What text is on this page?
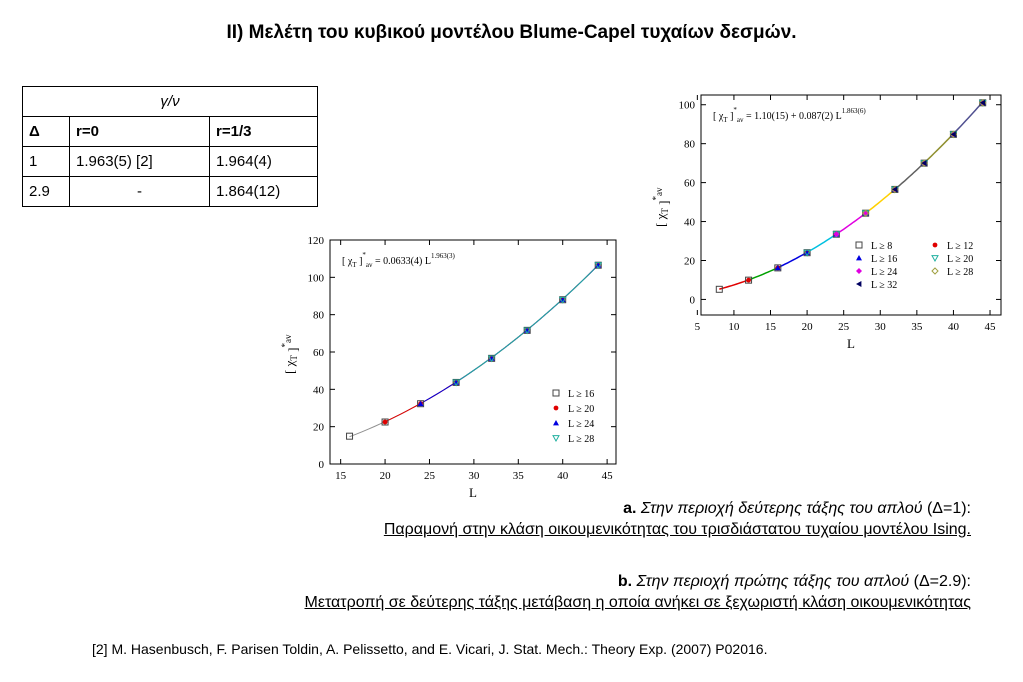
II) Μελέτη του κυβικού μοντέλου Blume-Capel τυχαίων δεσμών.
γ/ν		
Δ	r=0	r=1/3
1	1.963(5) [2]	1.964(4)
2.9	-	1.864(12)
15	20	25	30	35	40	45
0
20
40
60
80
100
120
L
[ $\chi_T$ ]$^*_{av}$
[ $\chi_T$ ]$^*_{av} = 0.0633(4)$ $L^{1.963(3)}$
L ≥ 16
L ≥ 20
L ≥ 24
L ≥ 28
5	10 15 20 25 30 35 40 45
0
20
40
60
80
100
L
[ $\chi_T$ ]$^*_{av}$
[ $\chi_T$ ]$^*_{av} = 1.10(15) + 0.087(2)$ $L^{1.863(6)}$
L ≥ 8	L ≥ 12
L ≥ 16	L ≥ 20
L ≥ 24	L ≥ 28
L ≥ 32
a. Στην περιοχή δεύτερης τάξης του απλού (Δ=1):
Παραμονή στην κλάση οικουμενικότητας του τρισδιάστατου τυχαίου μοντέλου Ising.
b. Στην περιοχή πρώτης τάξης του απλού (Δ=2.9):
Μετατροπή σε δεύτερης τάξης μετάβαση η οποία ανήκει σε ξεχωριστή κλάση οικουμενικότητας
[2] M. Hasenbusch, F. Parisen Toldin, A. Pelissetto, and E. Vicari, J. Stat. Mech.: Theory Exp. (2007) P02016.
